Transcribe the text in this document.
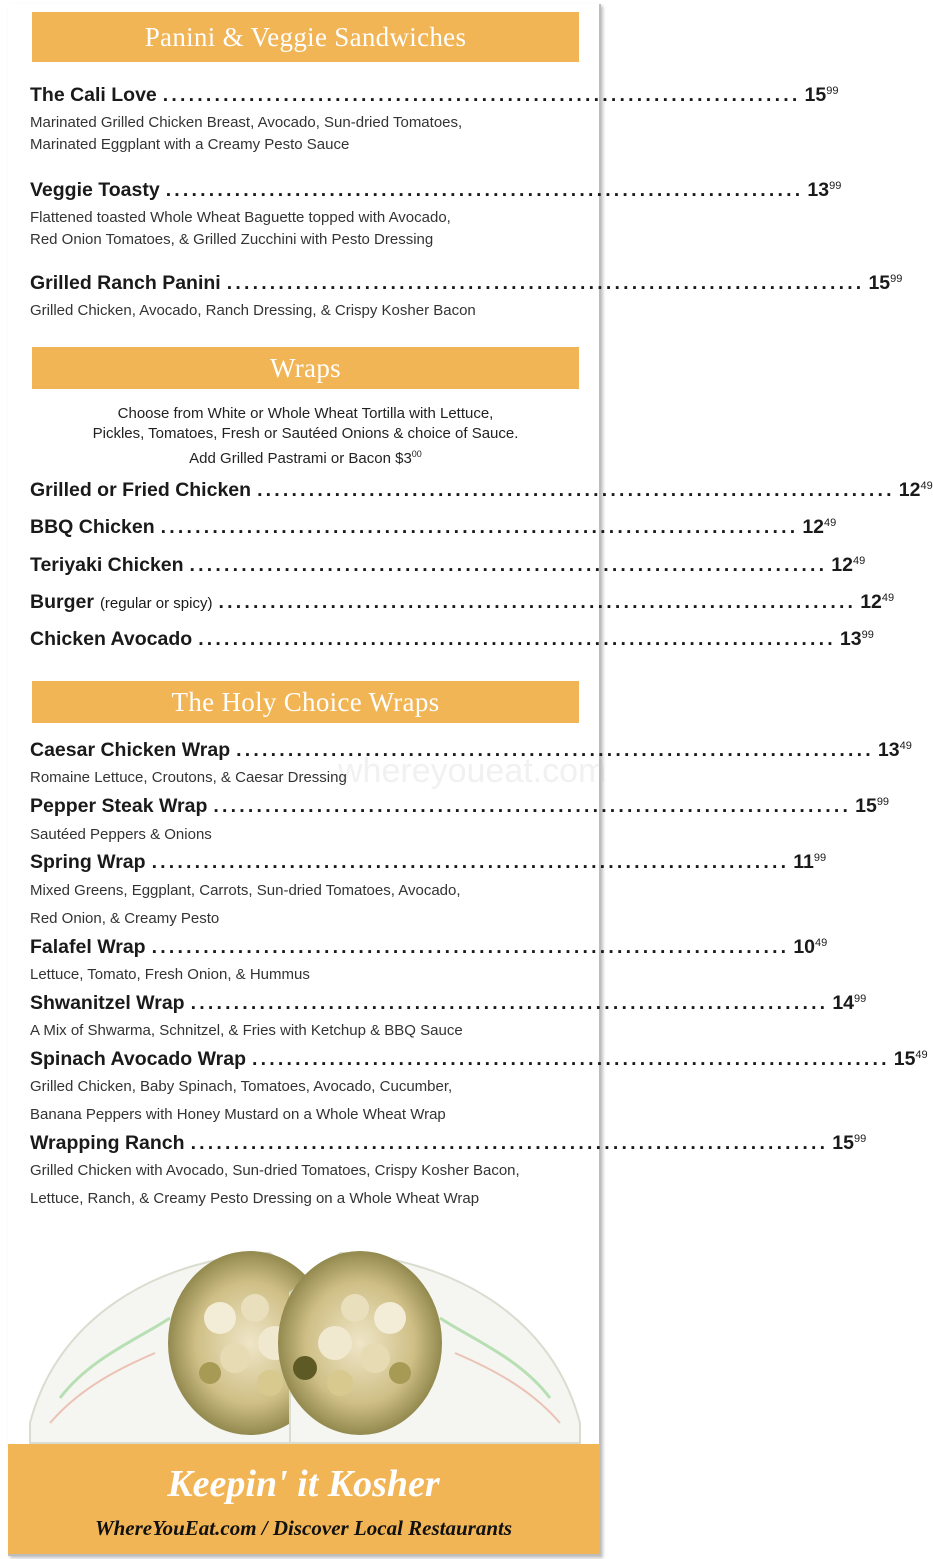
Panini & Veggie Sandwiches
The Cali Love .......................................................................... $15^{99}$
Marinated Grilled Chicken Breast, Avocado, Sun-dried Tomatoes,
Marinated Eggplant with a Creamy Pesto Sauce
Veggie Toasty .......................................................................... $13^{99}$
Flattened toasted Whole Wheat Baguette topped with Avocado,
Red Onion Tomatoes, & Grilled Zucchini with Pesto Dressing
Grilled Ranch Panini .......................................................................... $15^{99}$
Grilled Chicken, Avocado, Ranch Dressing, & Crispy Kosher Bacon
Wraps
Choose from White or Whole Wheat Tortilla with Lettuce,
Pickles, Tomatoes, Fresh or Sautéed Onions & choice of Sauce.
Add Grilled Pastrami or Bacon $\$3^{00}$
Grilled or Fried Chicken .......................................................................... $12^{49}$
BBQ Chicken .......................................................................... $12^{49}$
Teriyaki Chicken .......................................................................... $12^{49}$
Burger (regular or spicy) .......................................................................... $12^{49}$
Chicken Avocado .......................................................................... $13^{99}$
The Holy Choice Wraps
whereyoueat.com
Caesar Chicken Wrap .......................................................................... $13^{49}$
Romaine Lettuce, Croutons, & Caesar Dressing
Pepper Steak Wrap .......................................................................... $15^{99}$
Sautéed Peppers & Onions
Spring Wrap .......................................................................... $11^{99}$
Mixed Greens, Eggplant, Carrots, Sun-dried Tomatoes, Avocado,
Red Onion, & Creamy Pesto
Falafel Wrap .......................................................................... $10^{49}$
Lettuce, Tomato, Fresh Onion, & Hummus
Shwanitzel Wrap .......................................................................... $14^{99}$
A Mix of Shwarma, Schnitzel, & Fries with Ketchup & BBQ Sauce
Spinach Avocado Wrap .......................................................................... $15^{49}$
Grilled Chicken, Baby Spinach, Tomatoes, Avocado, Cucumber,
Banana Peppers with Honey Mustard on a Whole Wheat Wrap
Wrapping Ranch .......................................................................... $15^{99}$
Grilled Chicken with Avocado, Sun-dried Tomatoes, Crispy Kosher Bacon,
Lettuce, Ranch, & Creamy Pesto Dressing on a Whole Wheat Wrap
Keepin' it Kosher
WhereYouEat.com / Discover Local Restaurants
